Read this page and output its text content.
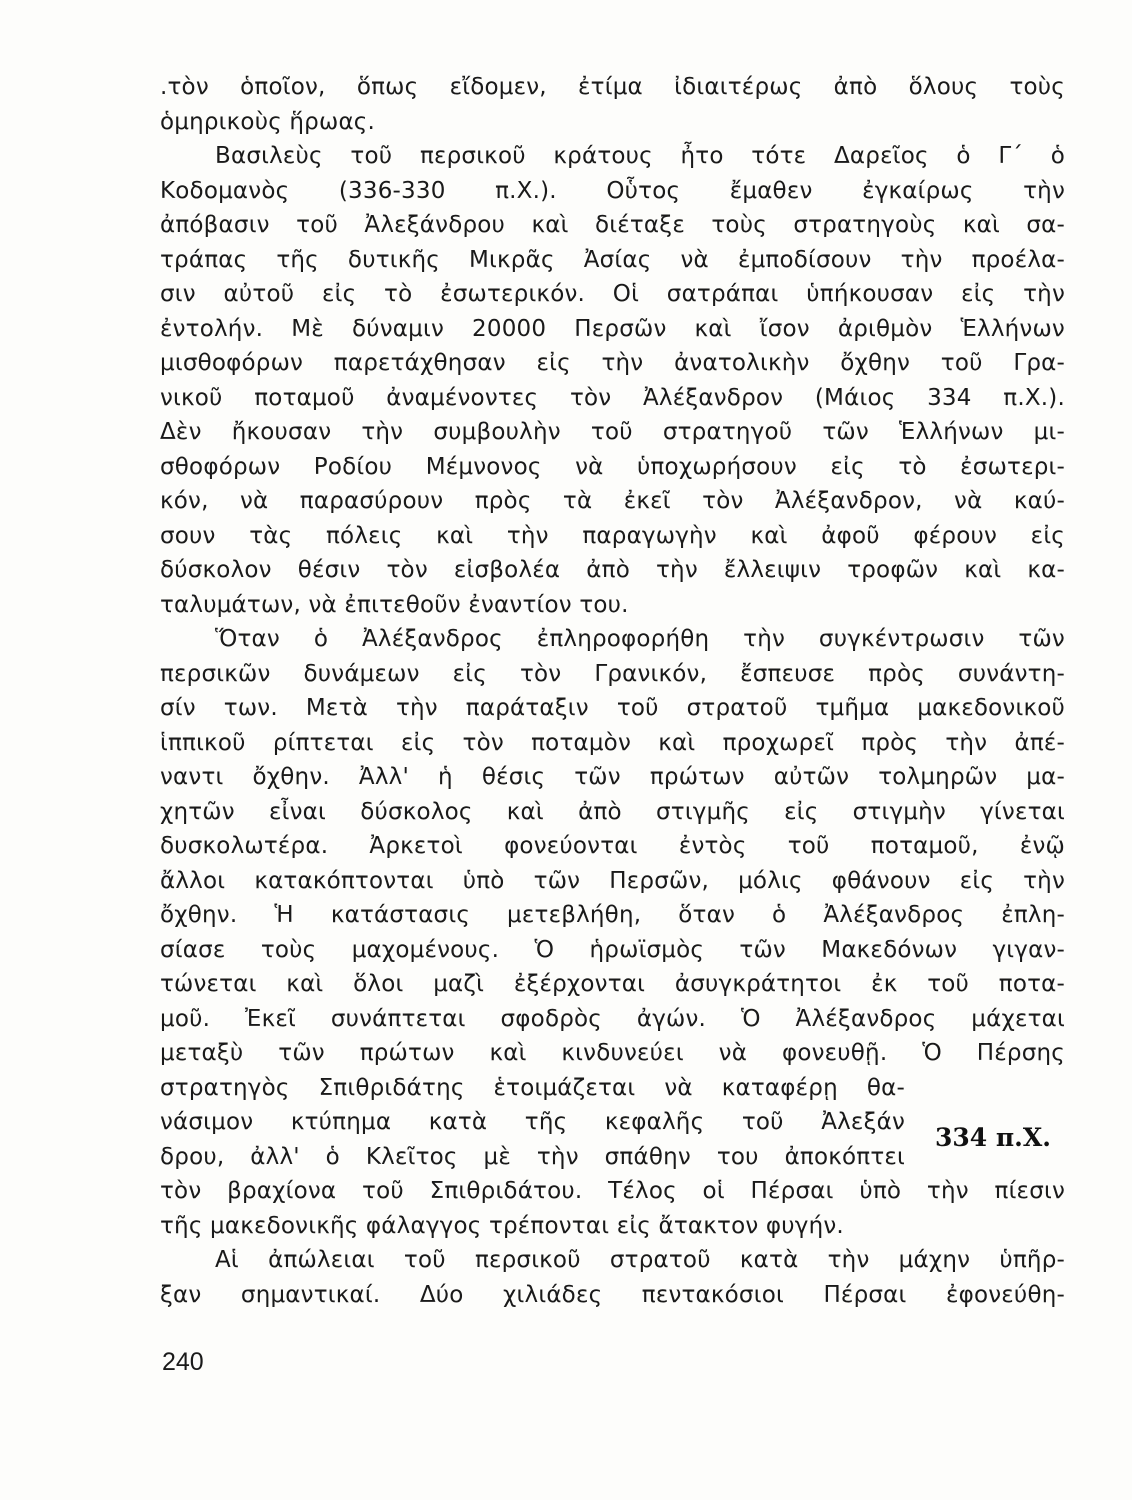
.τὸν ὁποῖον, ὅπως εἴδομεν, ἐτίμα ἰδιαιτέρως ἀπὸ ὅλους τοὺς
ὁμηρικοὺς ἥρωας.
Βασιλεὺς τοῦ περσικοῦ κράτους ἦτο τότε Δαρεῖος ὁ Γ΄ ὁ
Κοδομανὸς (336-330 π.Χ.). Οὗτος ἔμαθεν ἐγκαίρως τὴν
ἀπόβασιν τοῦ Ἀλεξάνδρου καὶ διέταξε τοὺς στρατηγοὺς καὶ σα-
τράπας τῆς δυτικῆς Μικρᾶς Ἀσίας νὰ ἐμποδίσουν τὴν προέλα-
σιν αὐτοῦ εἰς τὸ ἐσωτερικόν. Οἱ σατράπαι ὑπήκουσαν εἰς τὴν
ἐντολήν. Μὲ δύναμιν 20000 Περσῶν καὶ ἴσον ἀριθμὸν Ἑλλήνων
μισθοφόρων παρετάχθησαν εἰς τὴν ἀνατολικὴν ὄχθην τοῦ Γρα-
νικοῦ ποταμοῦ ἀναμένοντες τὸν Ἀλέξανδρον (Μάιος 334 π.Χ.).
Δὲν ἤκουσαν τὴν συμβουλὴν τοῦ στρατηγοῦ τῶν Ἑλλήνων μι-
σθοφόρων Ροδίου Μέμνονος νὰ ὑποχωρήσουν εἰς τὸ ἐσωτερι-
κόν, νὰ παρασύρουν πρὸς τὰ ἐκεῖ τὸν Ἀλέξανδρον, νὰ καύ-
σουν τὰς πόλεις καὶ τὴν παραγωγὴν καὶ ἀφοῦ φέρουν εἰς
δύσκολον θέσιν τὸν εἰσβολέα ἀπὸ τὴν ἔλλειψιν τροφῶν καὶ κα-
ταλυμάτων, νὰ ἐπιτεθοῦν ἐναντίον του.
Ὅταν ὁ Ἀλέξανδρος ἐπληροφορήθη τὴν συγκέντρωσιν τῶν
περσικῶν δυνάμεων εἰς τὸν Γρανικόν, ἔσπευσε πρὸς συνάντη-
σίν των. Μετὰ τὴν παράταξιν τοῦ στρατοῦ τμῆμα μακεδονικοῦ
ἱππικοῦ ρίπτεται εἰς τὸν ποταμὸν καὶ προχωρεῖ πρὸς τὴν ἀπέ-
ναντι ὄχθην. Ἀλλ' ἡ θέσις τῶν πρώτων αὐτῶν τολμηρῶν μα-
χητῶν εἶναι δύσκολος καὶ ἀπὸ στιγμῆς εἰς στιγμὴν γίνεται
δυσκολωτέρα. Ἀρκετοὶ φονεύονται ἐντὸς τοῦ ποταμοῦ, ἐνῷ
ἄλλοι κατακόπτονται ὑπὸ τῶν Περσῶν, μόλις φθάνουν εἰς τὴν
ὄχθην. Ἡ κατάστασις μετεβλήθη, ὅταν ὁ Ἀλέξανδρος ἐπλη-
σίασε τοὺς μαχομένους. Ὁ ἡρωϊσμὸς τῶν Μακεδόνων γιγαν-
τώνεται καὶ ὅλοι μαζὶ ἐξέρχονται ἀσυγκράτητοι ἐκ τοῦ ποτα-
μοῦ. Ἐκεῖ συνάπτεται σφοδρὸς ἀγών. Ὁ Ἀλέξανδρος μάχεται
μεταξὺ τῶν πρώτων καὶ κινδυνεύει νὰ φονευθῇ. Ὁ Πέρσης
στρατηγὸς Σπιθριδάτης ἑτοιμάζεται νὰ καταφέρῃ θα-
νάσιμον κτύπημα κατὰ τῆς κεφαλῆς τοῦ Ἀλεξάν
δρου, ἀλλ' ὁ Κλεῖτος μὲ τὴν σπάθην του ἀποκόπτει
τὸν βραχίονα τοῦ Σπιθριδάτου. Τέλος οἱ Πέρσαι ὑπὸ τὴν πίεσιν
τῆς μακεδονικῆς φάλαγγος τρέπονται εἰς ἄτακτον φυγήν.
Αἱ ἀπώλειαι τοῦ περσικοῦ στρατοῦ κατὰ τὴν μάχην ὑπῆρ-
ξαν σημαντικαί. Δύο χιλιάδες πεντακόσιοι Πέρσαι ἐφονεύθη-
334 π.Χ.
240
